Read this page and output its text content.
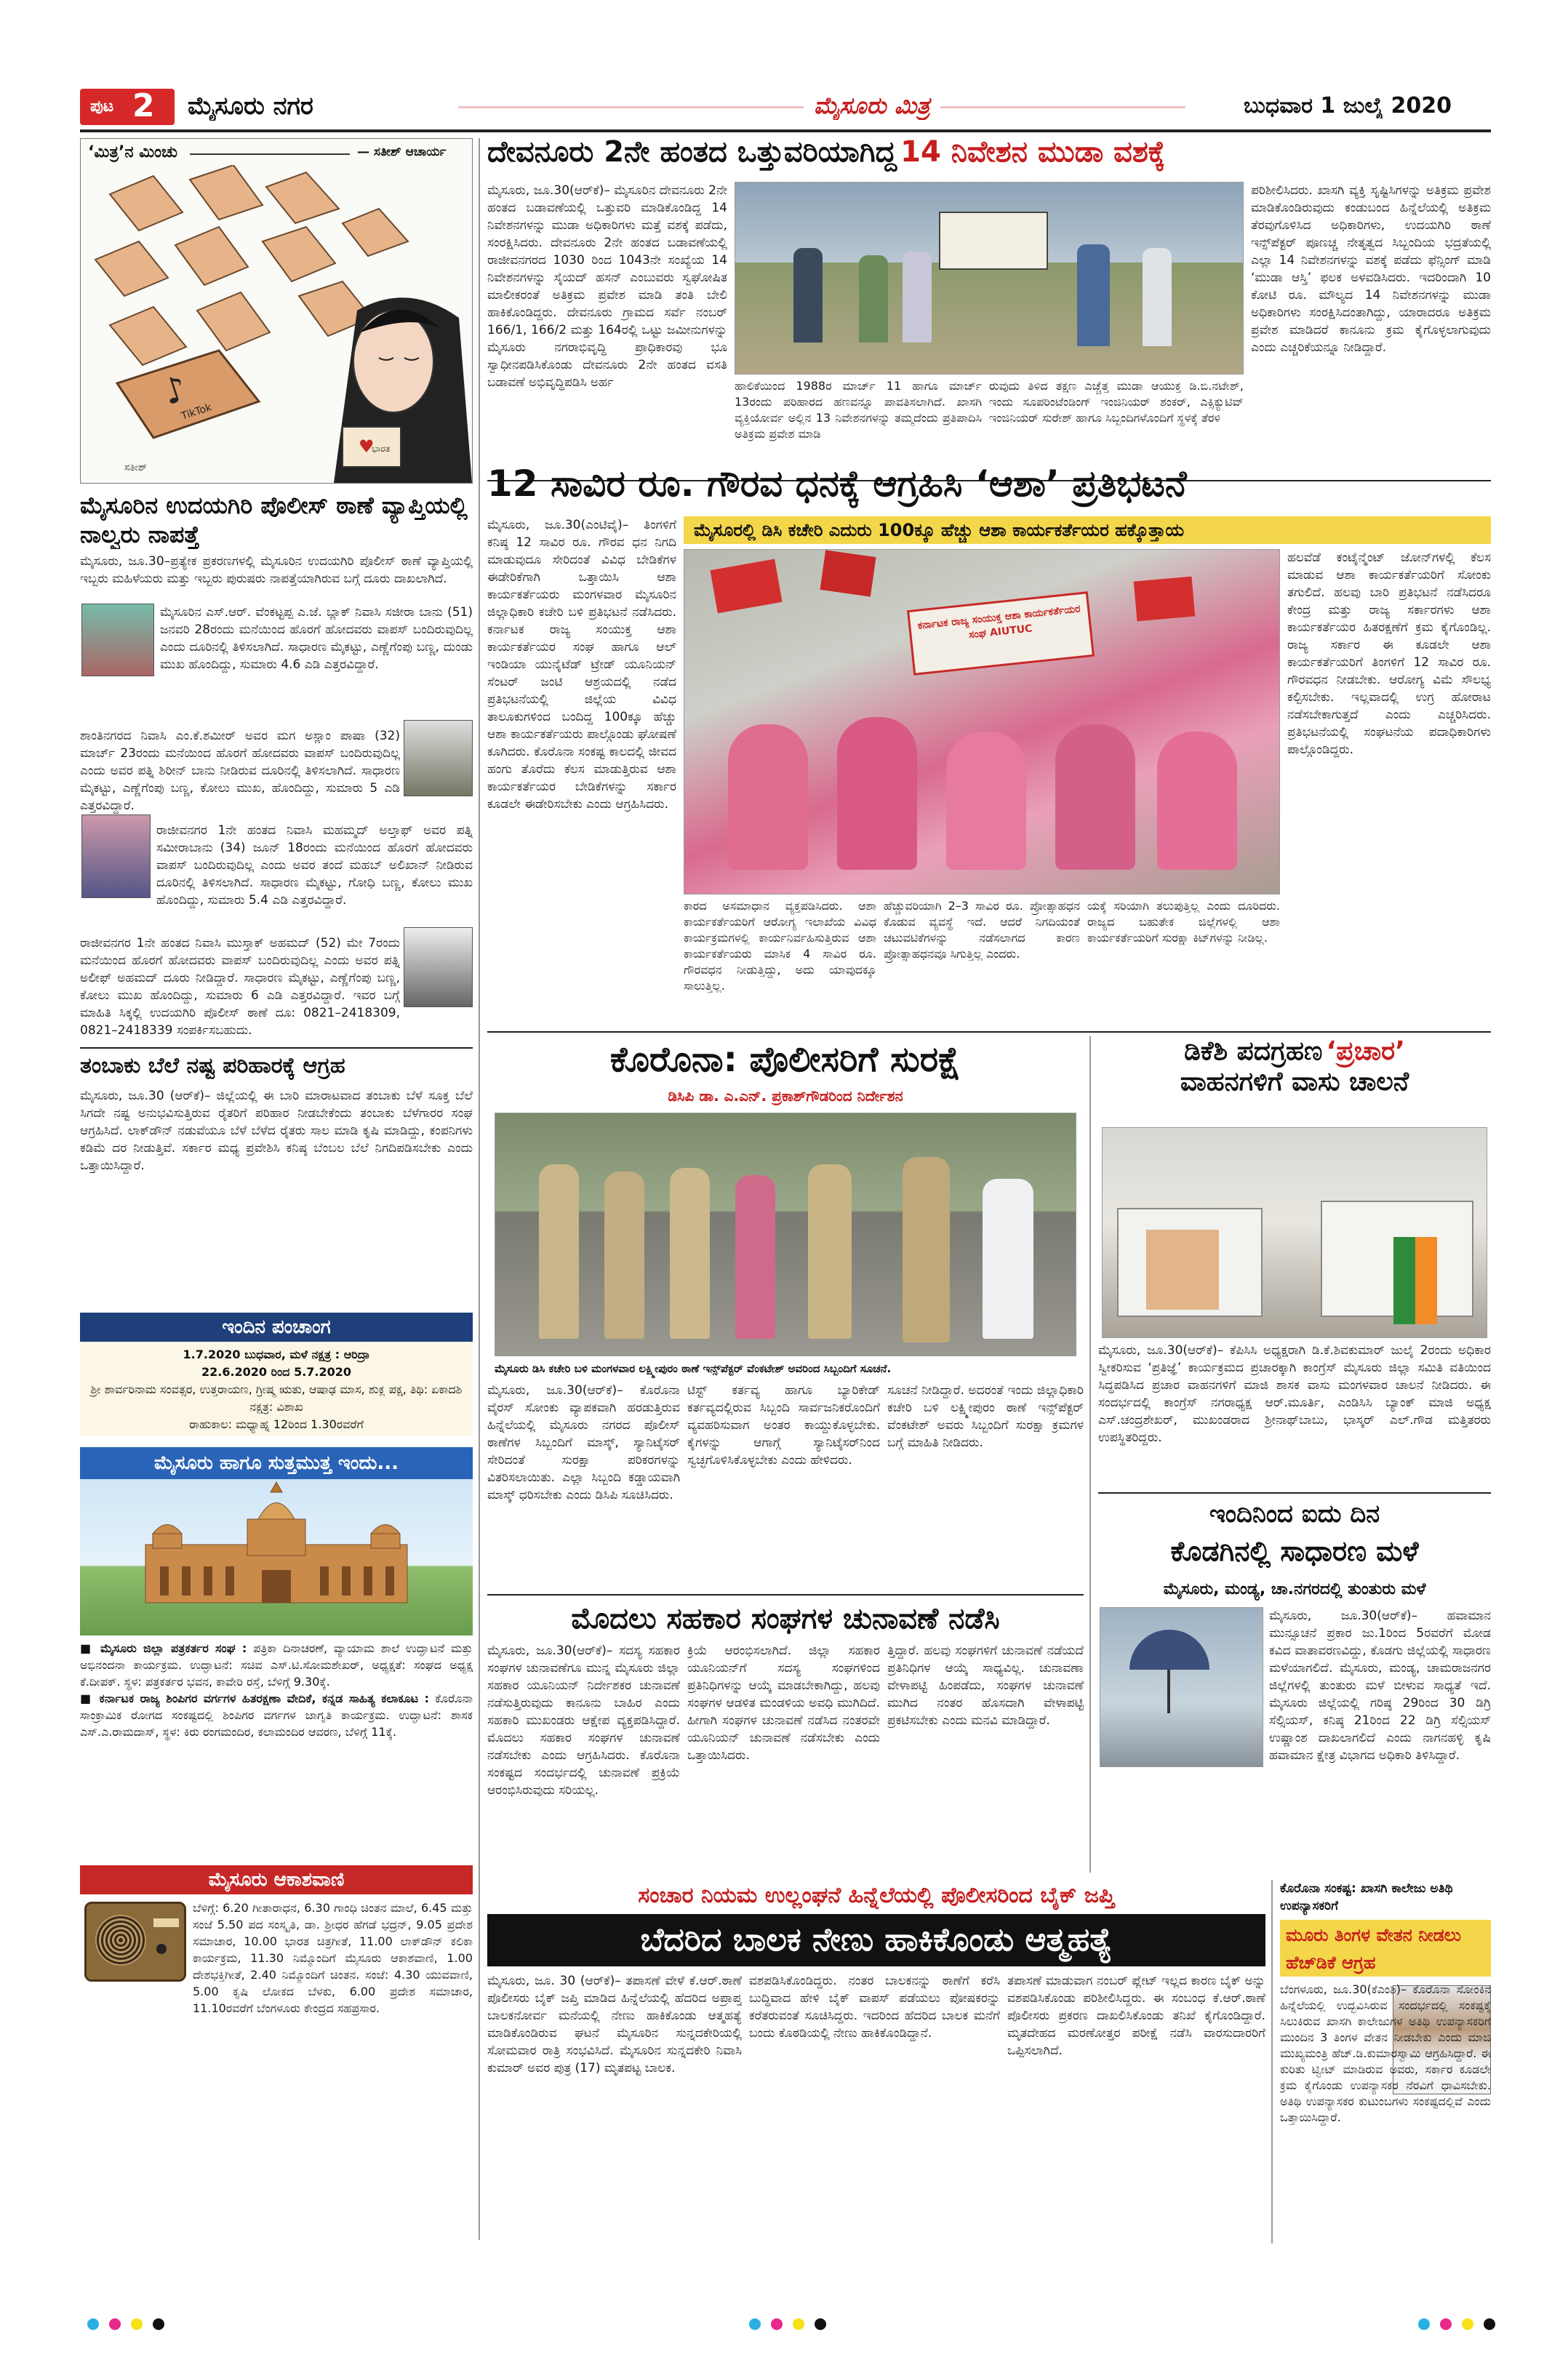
ಪುಟ 2 ಮೈಸೂರು ನಗರ	ಮೈಸೂರು ಮಿತ್ರ	ಬುಧವಾರ 1 ಜುಲೈ 2020
‘ಮಿತ್ರ’ನ ಮಿಂಚು	— ಸತೀಶ್ ಆಚಾರ್ಯ
♪
TikTok
♥
ಭಾರತ
ಸತೀಶ್
ಮೈಸೂರಿನ ಉದಯಗಿರಿ ಪೊಲೀಸ್ ಠಾಣೆ ವ್ಯಾಪ್ತಿಯಲ್ಲಿ ನಾಲ್ವರು ನಾಪತ್ತೆ
ಮೈಸೂರು, ಜೂ.30–ಪ್ರತ್ಯೇಕ ಪ್ರಕರಣಗಳಲ್ಲಿ ಮೈಸೂರಿನ ಉದಯಗಿರಿ ಪೊಲೀಸ್ ಠಾಣೆ ವ್ಯಾಪ್ತಿಯಲ್ಲಿ ಇಬ್ಬರು ಮಹಿಳೆಯರು ಮತ್ತು ಇಬ್ಬರು ಪುರುಷರು ನಾಪತ್ತೆಯಾಗಿರುವ ಬಗ್ಗೆ ದೂರು ದಾಖಲಾಗಿದೆ.
ಮೈಸೂರಿನ ಎಸ್.ಆರ್. ವೆಂಕಟ್ಟಪ್ಪ ಎ.ಜೆ. ಬ್ಲಾಕ್ ನಿವಾಸಿ ಸಜೀರಾ ಬಾನು (51) ಜನವರಿ 28ರಂದು ಮನೆಯಿಂದ ಹೊರಗೆ ಹೋದವರು ವಾಪಸ್ ಬಂದಿರುವುದಿಲ್ಲ ಎಂದು ದೂರಿನಲ್ಲಿ ತಿಳಿಸಲಾಗಿದೆ. ಸಾಧಾರಣ ಮೈಕಟ್ಟು, ಎಣ್ಣೆಗೆಂಪು ಬಣ್ಣ, ದುಂಡು ಮುಖ ಹೊಂದಿದ್ದು, ಸುಮಾರು 4.6 ಎಡಿ ಎತ್ತರವಿದ್ದಾರೆ.
ಶಾಂತಿನಗರದ ನಿವಾಸಿ ಎಂ.ಕೆ.ಶಮೀರ್ ಅವರ ಮಗ ಅಸ್ಲಾಂ ಪಾಷಾ (32) ಮಾರ್ಚ್ 23ರಂದು ಮನೆಯಿಂದ ಹೊರಗೆ ಹೋದವರು ವಾಪಸ್ ಬಂದಿರುವುದಿಲ್ಲ ಎಂದು ಅವರ ಪತ್ನಿ ಶಿರೀನ್ ಬಾನು ನೀಡಿರುವ ದೂರಿನಲ್ಲಿ ತಿಳಿಸಲಾಗಿದೆ. ಸಾಧಾರಣ ಮೈಕಟ್ಟು, ಎಣ್ಣೆಗೆಂಪು ಬಣ್ಣ, ಕೋಲು ಮುಖ, ಹೊಂದಿದ್ದು, ಸುಮಾರು 5 ಎಡಿ ಎತ್ತರವಿದ್ದಾರೆ.
ರಾಜೀವನಗರ 1ನೇ ಹಂತದ ನಿವಾಸಿ ಮಹಮ್ಮದ್ ಅಲ್ತಾಫ್ ಅವರ ಪತ್ನಿ ಸಮೀರಾಬಾನು (34) ಜೂನ್ 18ರಂದು ಮನೆಯಿಂದ ಹೊರಗೆ ಹೋದವರು ವಾಪಸ್ ಬಂದಿರುವುದಿಲ್ಲ ಎಂದು ಅವರ ತಂದೆ ಮಹಬ್ ಅಲಿಖಾನ್ ನೀಡಿರುವ ದೂರಿನಲ್ಲಿ ತಿಳಿಸಲಾಗಿದೆ. ಸಾಧಾರಣ ಮೈಕಟ್ಟು, ಗೋಧಿ ಬಣ್ಣ, ಕೋಲು ಮುಖ ಹೊಂದಿದ್ದು, ಸುಮಾರು 5.4 ಎಡಿ ಎತ್ತರವಿದ್ದಾರೆ.
ರಾಜೀವನಗರ 1ನೇ ಹಂತದ ನಿವಾಸಿ ಮುಸ್ತಾಕ್ ಅಹಮದ್ (52) ಮೇ 7ರಂದು ಮನೆಯಿಂದ ಹೊರಗೆ ಹೋದವರು ವಾಪಸ್ ಬಂದಿರುವುದಿಲ್ಲ ಎಂದು ಅವರ ಪತ್ನಿ ಅಲೀಫ್ ಅಹಮದ್ ದೂರು ನೀಡಿದ್ದಾರೆ. ಸಾಧಾರಣ ಮೈಕಟ್ಟು, ಎಣ್ಣೆಗೆಂಪು ಬಣ್ಣ, ಕೋಲು ಮುಖ ಹೊಂದಿದ್ದು, ಸುಮಾರು 6 ಎಡಿ ಎತ್ತರವಿದ್ದಾರೆ. ಇವರ ಬಗ್ಗೆ ಮಾಹಿತಿ ಸಿಕ್ಕಲ್ಲಿ ಉದಯಗಿರಿ ಪೊಲೀಸ್ ಠಾಣೆ ದೂ: 0821–2418309, 0821–2418339 ಸಂಪರ್ಕಿಸಬಹುದು.
ತಂಬಾಕು ಬೆಲೆ ನಷ್ಟ ಪರಿಹಾರಕ್ಕೆ ಆಗ್ರಹ
ಮೈಸೂರು, ಜೂ.30 (ಆರ್‌ಕೆ)– ಜಿಲ್ಲೆಯಲ್ಲಿ ಈ ಬಾರಿ ಮಾರಾಟವಾದ ತಂಬಾಕು ಬೆಳೆ ಸೂಕ್ತ ಬೆಲೆ ಸಿಗದೇ ನಷ್ಟ ಅನುಭವಿಸುತ್ತಿರುವ ರೈತರಿಗೆ ಪರಿಹಾರ ನೀಡಬೇಕೆಂದು ತಂಬಾಕು ಬೆಳೆಗಾರರ ಸಂಘ ಆಗ್ರಹಿಸಿದೆ. ಲಾಕ್‌ಡೌನ್ ನಡುವೆಯೂ ಬೆಳೆ ಬೆಳೆದ ರೈತರು ಸಾಲ ಮಾಡಿ ಕೃಷಿ ಮಾಡಿದ್ದು, ಕಂಪನಿಗಳು ಕಡಿಮೆ ದರ ನೀಡುತ್ತಿವೆ. ಸರ್ಕಾರ ಮಧ್ಯ ಪ್ರವೇಶಿಸಿ ಕನಿಷ್ಠ ಬೆಂಬಲ ಬೆಲೆ ನಿಗದಿಪಡಿಸಬೇಕು ಎಂದು ಒತ್ತಾಯಿಸಿದ್ದಾರೆ.
ಇಂದಿನ ಪಂಚಾಂಗ
1.7.2020 ಬುಧವಾರ, ಮಳೆ ನಕ್ಷತ್ರ : ಆರಿದ್ರಾ
22.6.2020 ರಿಂದ 5.7.2020
ಶ್ರೀ ಶಾರ್ವರಿನಾಮ ಸಂವತ್ಸರ, ಉತ್ತರಾಯಣ, ಗ್ರೀಷ್ಮ ಋತು, ಆಷಾಢ ಮಾಸ, ಶುಕ್ಲ ಪಕ್ಷ, ತಿಥಿ: ಏಕಾದಶಿ ನಕ್ಷತ್ರ: ವಿಶಾಖ
ರಾಹುಕಾಲ: ಮಧ್ಯಾಹ್ನ 12ರಿಂದ 1.30ರವರೆಗೆ
ಮೈಸೂರು ಹಾಗೂ ಸುತ್ತಮುತ್ತ ಇಂದು...
■ ಮೈಸೂರು ಜಿಲ್ಲಾ ಪತ್ರಕರ್ತರ ಸಂಘ : ಪತ್ರಿಕಾ ದಿನಾಚರಣೆ, ವ್ಯಾಯಾಮ ಶಾಲೆ ಉದ್ಘಾಟನೆ ಮತ್ತು ಅಭಿನಂದನಾ ಕಾರ್ಯಕ್ರಮ. ಉದ್ಘಾಟನೆ: ಸಚಿವ ಎಸ್.ಟಿ.ಸೋಮಶೇಖರ್, ಅಧ್ಯಕ್ಷತೆ: ಸಂಘದ ಅಧ್ಯಕ್ಷ ಕೆ.ದೀಪಕ್. ಸ್ಥಳ: ಪತ್ರಕರ್ತರ ಭವನ, ಕಾವೇರಿ ರಸ್ತೆ, ಬೆಳಿಗ್ಗೆ 9.30ಕ್ಕೆ.
■ ಕರ್ನಾಟಕ ರಾಜ್ಯ ಶಿಂಪಿಗರ ವರ್ಗಗಳ ಹಿತರಕ್ಷಣಾ ವೇದಿಕೆ, ಕನ್ನಡ ಸಾಹಿತ್ಯ ಕಲಾಕೂಟ : ಕೊರೊನಾ ಸಾಂಕ್ರಾಮಿಕ ರೋಗದ ಸಂಕಷ್ಟದಲ್ಲಿ ಶಿಂಪಿಗರ ವರ್ಗಗಳ ಜಾಗೃತಿ ಕಾರ್ಯಕ್ರಮ. ಉದ್ಘಾಟನೆ: ಶಾಸಕ ಎಸ್.ಎ.ರಾಮದಾಸ್, ಸ್ಥಳ: ಕಿರು ರಂಗಮಂದಿರ, ಕಲಾಮಂದಿರ ಆವರಣ, ಬೆಳಿಗ್ಗೆ 11ಕ್ಕೆ.
ಮೈಸೂರು ಆಕಾಶವಾಣಿ
ಬೆಳಿಗ್ಗೆ: 6.20 ಗೀತಾರಾಧನ, 6.30 ಗಾಂಧಿ ಚಿಂತನ ಮಾಲೆ, 6.45 ಮತ್ತು ಸಂಜೆ 5.50 ಪದ ಸಂಸ್ಕೃತಿ, ಡಾ. ಶ್ರೀಧರ ಹೆಗಡೆ ಭದ್ರನ್, 9.05 ಪ್ರದೇಶ ಸಮಾಚಾರ, 10.00 ಭಾರತ ಚಿತ್ರಗೀತೆ, 11.00 ಲಾಕ್‌ಡೌನ್ ಕಲಿಕಾ ಕಾರ್ಯಕ್ರಮ, 11.30 ನಿಮ್ಮೊಂದಿಗೆ ಮೈಸೂರು ಆಕಾಶವಾಣಿ, 1.00 ದೇಶಭಕ್ತಿಗೀತೆ, 2.40 ನಿಮ್ಮೊಂದಿಗೆ ಚಿಂತನ. ಸಂಜೆ: 4.30 ಯುವವಾಣಿ, 5.00 ಕೃಷಿ ಲೋಕದ ಬೆಳಕು, 6.00 ಪ್ರದೇಶ ಸಮಾಚಾರ, 11.10ರವರೆಗೆ ಬೆಂಗಳೂರು ಕೇಂದ್ರದ ಸಹಪ್ರಸಾರ.
ದೇವನೂರು 2ನೇ ಹಂತದ ಒತ್ತುವರಿಯಾಗಿದ್ದ 14 ನಿವೇಶನ ಮುಡಾ ವಶಕ್ಕೆ
ಮೈಸೂರು, ಜೂ.30(ಆರ್‌ಕೆ)– ಮೈಸೂರಿನ ದೇವನೂರು 2ನೇ ಹಂತದ ಬಡಾವಣೆಯಲ್ಲಿ ಒತ್ತುವರಿ ಮಾಡಿಕೊಂಡಿದ್ದ 14 ನಿವೇಶನಗಳನ್ನು ಮುಡಾ ಅಧಿಕಾರಿಗಳು ಮತ್ತೆ ವಶಕ್ಕೆ ಪಡೆದು, ಸಂರಕ್ಷಿಸಿದರು. ದೇವನೂರು 2ನೇ ಹಂತದ ಬಡಾವಣೆಯಲ್ಲಿ ರಾಜೀವನಗರದ 1030 ರಿಂದ 1043ನೇ ಸಂಖ್ಯೆಯ 14 ನಿವೇಶನಗಳನ್ನು ಸೈಯದ್ ಹಸನ್ ಎಂಬುವರು ಸ್ವಘೋಷಿತ ಮಾಲೀಕರಂತೆ ಅತಿಕ್ರಮ ಪ್ರವೇಶ ಮಾಡಿ ತಂತಿ ಬೇಲಿ ಹಾಕಿಕೊಂಡಿದ್ದರು. ದೇವನೂರು ಗ್ರಾಮದ ಸರ್ವೆ ನಂಬರ್ 166/1, 166/2 ಮತ್ತು 164ರಲ್ಲಿ ಒಟ್ಟು ಜಮೀನುಗಳನ್ನು ಮೈಸೂರು ನಗರಾಭಿವೃದ್ಧಿ ಪ್ರಾಧಿಕಾರವು ಭೂ ಸ್ವಾಧೀನಪಡಿಸಿಕೊಂಡು ದೇವನೂರು 2ನೇ ಹಂತದ ವಸತಿ ಬಡಾವಣೆ ಅಭಿವೃದ್ಧಿಪಡಿಸಿ ಅರ್ಹ	ಹಾಲಿಕೆಯಿಂದ 1988ರ ಮಾರ್ಚ್ 11 ಹಾಗೂ ಮಾರ್ಚ್ 13ರಂದು ಪರಿಹಾರದ ಹಣವನ್ನೂ ಪಾವತಿಸಲಾಗಿದೆ. ಖಾಸಗಿ ವ್ಯಕ್ತಿಯೋರ್ವ ಅಲ್ಲಿನ 13 ನಿವೇಶನಗಳನ್ನು ತಮ್ಮದೆಂದು ಪ್ರತಿಪಾದಿಸಿ ಅತಿಕ್ರಮ ಪ್ರವೇಶ ಮಾಡಿ
ರುವುದು ತಿಳಿದ ತಕ್ಷಣ ಎಚ್ಚೆತ್ತ ಮುಡಾ ಆಯುಕ್ತ ಡಿ.ಬಿ.ನಟೇಶ್, ಇಂದು ಸೂಪರಿಂಟೆಂಡಿಂಗ್ ಇಂಜಿನಿಯರ್ ಶಂಕರ್, ಎಕ್ಸಿಕ್ಯುಟಿವ್ ಇಂಜಿನಿಯರ್ ಸುರೇಶ್ ಹಾಗೂ ಸಿಬ್ಬಂದಿಗಳೊಂದಿಗೆ ಸ್ಥಳಕ್ಕೆ ತೆರಳಿ
ಪರಿಶೀಲಿಸಿದರು. ಖಾಸಗಿ ವ್ಯಕ್ತಿ ಸೃಷ್ಟಿಸಿಗಳನ್ನು ಅತಿಕ್ರಮ ಪ್ರವೇಶ ಮಾಡಿಕೊಂಡಿರುವುದು ಕಂಡುಬಂದ ಹಿನ್ನೆಲೆಯಲ್ಲಿ ಅತಿಕ್ರಮ ತೆರವುಗೊಳಿಸಿದ ಅಧಿಕಾರಿಗಳು, ಉದಯಗಿರಿ ಠಾಣೆ ಇನ್ಸ್‌ಪೆಕ್ಟರ್ ಪೂಣಚ್ಚ ನೇತೃತ್ವದ ಸಿಬ್ಬಂದಿಯ ಭದ್ರತೆಯಲ್ಲಿ ಎಲ್ಲಾ 14 ನಿವೇಶನಗಳನ್ನು ವಶಕ್ಕೆ ಪಡೆದು ಫೆನ್ಸಿಂಗ್ ಮಾಡಿ ‘ಮುಡಾ ಆಸ್ತಿ’ ಫಲಕ ಅಳವಡಿಸಿದರು. ಇದರಿಂದಾಗಿ 10 ಕೋಟಿ ರೂ. ಮೌಲ್ಯದ 14 ನಿವೇಶನಗಳನ್ನು ಮುಡಾ ಅಧಿಕಾರಿಗಳು ಸಂರಕ್ಷಿಸಿದಂತಾಗಿದ್ದು, ಯಾರಾದರೂ ಅತಿಕ್ರಮ ಪ್ರವೇಶ ಮಾಡಿದರೆ ಕಾನೂನು ಕ್ರಮ ಕೈಗೊಳ್ಳಲಾಗುವುದು ಎಂದು ಎಚ್ಚರಿಕೆಯನ್ನೂ ನೀಡಿದ್ದಾರೆ.
12 ಸಾವಿರ ರೂ. ಗೌರವ ಧನಕ್ಕೆ ಆಗ್ರಹಿಸಿ ‘ಆಶಾ’ ಪ್ರತಿಭಟನೆ
ಮೈಸೂರಲ್ಲಿ ಡಿಸಿ ಕಚೇರಿ ಎದುರು 100ಕ್ಕೂ ಹೆಚ್ಚು ಆಶಾ ಕಾರ್ಯಕರ್ತೆಯರ ಹಕ್ಕೊತ್ತಾಯ
ಮೈಸೂರು, ಜೂ.30(ಎಂಟಿವೈ)– ತಿಂಗಳಿಗೆ ಕನಿಷ್ಠ 12 ಸಾವಿರ ರೂ. ಗೌರವ ಧನ ನಿಗದಿ ಮಾಡುವುದೂ ಸೇರಿದಂತೆ ವಿವಿಧ ಬೇಡಿಕೆಗಳ ಈಡೇರಿಕೆಗಾಗಿ ಒತ್ತಾಯಿಸಿ ಆಶಾ ಕಾರ್ಯಕರ್ತೆಯರು ಮಂಗಳವಾರ ಮೈಸೂರಿನ ಜಿಲ್ಲಾಧಿಕಾರಿ ಕಚೇರಿ ಬಳಿ ಪ್ರತಿಭಟನೆ ನಡೆಸಿದರು. ಕರ್ನಾಟಕ ರಾಜ್ಯ ಸಂಯುಕ್ತ ಆಶಾ ಕಾರ್ಯಕರ್ತೆಯರ ಸಂಘ ಹಾಗೂ ಆಲ್ ಇಂಡಿಯಾ ಯುನೈಟೆಡ್ ಟ್ರೇಡ್ ಯೂನಿಯನ್ ಸೆಂಟರ್ ಜಂಟಿ ಆಶ್ರಯದಲ್ಲಿ ನಡೆದ ಪ್ರತಿಭಟನೆಯಲ್ಲಿ ಜಿಲ್ಲೆಯ ವಿವಿಧ ತಾಲೂಕುಗಳಿಂದ ಬಂದಿದ್ದ 100ಕ್ಕೂ ಹೆಚ್ಚು ಆಶಾ ಕಾರ್ಯಕರ್ತೆಯರು ಪಾಲ್ಗೊಂಡು ಘೋಷಣೆ ಕೂಗಿದರು. ಕೊರೊನಾ ಸಂಕಷ್ಟ ಕಾಲದಲ್ಲಿ ಜೀವದ ಹಂಗು ತೊರೆದು ಕೆಲಸ ಮಾಡುತ್ತಿರುವ ಆಶಾ ಕಾರ್ಯಕರ್ತೆಯರ ಬೇಡಿಕೆಗಳನ್ನು ಸರ್ಕಾರ ಕೂಡಲೇ ಈಡೇರಿಸಬೇಕು ಎಂದು ಆಗ್ರಹಿಸಿದರು.
ಕರ್ನಾಟಕ ರಾಜ್ಯ ಸಂಯುಕ್ತ ಆಶಾ ಕಾರ್ಯಕರ್ತೆಯರ ಸಂಘ AIUTUC
ಕಾರದ ಅಸಮಾಧಾನ ವ್ಯಕ್ತಪಡಿಸಿದರು. ಆಶಾ ಕಾರ್ಯಕರ್ತೆಯರಿಗೆ ಆರೋಗ್ಯ ಇಲಾಖೆಯ ವಿವಿಧ ಕಾರ್ಯಕ್ರಮಗಳಲ್ಲಿ ಕಾರ್ಯನಿರ್ವಹಿಸುತ್ತಿರುವ ಆಶಾ ಕಾರ್ಯಕರ್ತೆಯರು ಮಾಸಿಕ 4 ಸಾವಿರ ರೂ. ಗೌರವಧನ ನೀಡುತ್ತಿದ್ದು, ಅದು ಯಾವುದಕ್ಕೂ ಸಾಲುತ್ತಿಲ್ಲ.
ಹೆಚ್ಚುವರಿಯಾಗಿ 2–3 ಸಾವಿರ ರೂ. ಪ್ರೋತ್ಸಾಹಧನ ಕೊಡುವ ವ್ಯವಸ್ಥೆ ಇದೆ. ಆದರೆ ನಿಗದಿಯಂತೆ ಚಟುವಟಿಕೆಗಳನ್ನು ನಡೆಸಲಾಗದ ಕಾರಣ ಪ್ರೋತ್ಸಾಹಧನವೂ ಸಿಗುತ್ತಿಲ್ಲ ಎಂದರು.
ಯಕ್ಕೆ ಸರಿಯಾಗಿ ತಲುಪುತ್ತಿಲ್ಲ ಎಂದು ದೂರಿದರು. ರಾಜ್ಯದ ಬಹುತೇಕ ಜಿಲ್ಲೆಗಳಲ್ಲಿ ಆಶಾ ಕಾರ್ಯಕರ್ತೆಯರಿಗೆ ಸುರಕ್ಷಾ ಕಿಟ್‌ಗಳನ್ನು ನೀಡಿಲ್ಲ.
ಹಲವೆಡೆ ಕಂಟೈನ್ಮೆಂಟ್ ಜೋನ್‌ಗಳಲ್ಲಿ ಕೆಲಸ ಮಾಡುವ ಆಶಾ ಕಾರ್ಯಕರ್ತೆಯರಿಗೆ ಸೋಂಕು ತಗುಲಿದೆ. ಹಲವು ಬಾರಿ ಪ್ರತಿಭಟನೆ ನಡೆಸಿದರೂ ಕೇಂದ್ರ ಮತ್ತು ರಾಜ್ಯ ಸರ್ಕಾರಗಳು ಆಶಾ ಕಾರ್ಯಕರ್ತೆಯರ ಹಿತರಕ್ಷಣೆಗೆ ಕ್ರಮ ಕೈಗೊಂಡಿಲ್ಲ. ರಾಜ್ಯ ಸರ್ಕಾರ ಈ ಕೂಡಲೇ ಆಶಾ ಕಾರ್ಯಕರ್ತೆಯರಿಗೆ ತಿಂಗಳಿಗೆ 12 ಸಾವಿರ ರೂ. ಗೌರವಧನ ನೀಡಬೇಕು. ಆರೋಗ್ಯ ವಿಮೆ ಸೌಲಭ್ಯ ಕಲ್ಪಿಸಬೇಕು. ಇಲ್ಲವಾದಲ್ಲಿ ಉಗ್ರ ಹೋರಾಟ ನಡೆಸಬೇಕಾಗುತ್ತದೆ ಎಂದು ಎಚ್ಚರಿಸಿದರು. ಪ್ರತಿಭಟನೆಯಲ್ಲಿ ಸಂಘಟನೆಯ ಪದಾಧಿಕಾರಿಗಳು ಪಾಲ್ಗೊಂಡಿದ್ದರು.
ಕೊರೊನಾ: ಪೊಲೀಸರಿಗೆ ಸುರಕ್ಷೆ
ಡಿಸಿಪಿ ಡಾ. ಎ.ಎನ್. ಪ್ರಕಾಶ್‌ಗೌಡರಿಂದ ನಿರ್ದೇಶನ
ಮೈಸೂರು ಡಿಸಿ ಕಚೇರಿ ಬಳಿ ಮಂಗಳವಾರ ಲಕ್ಷ್ಮೀಪುರಂ ಠಾಣೆ ಇನ್ಸ್‌ಪೆಕ್ಟರ್ ವೆಂಕಟೇಶ್ ಅವರಿಂದ ಸಿಬ್ಬಂದಿಗೆ ಸೂಚನೆ.
ಮೈಸೂರು, ಜೂ.30(ಆರ್‌ಕೆ)– ಕೊರೊನಾ ವೈರಸ್ ಸೋಂಕು ವ್ಯಾಪಕವಾಗಿ ಹರಡುತ್ತಿರುವ ಹಿನ್ನೆಲೆಯಲ್ಲಿ ಮೈಸೂರು ನಗರದ ಪೊಲೀಸ್ ಠಾಣೆಗಳ ಸಿಬ್ಬಂದಿಗೆ ಮಾಸ್ಕ್, ಸ್ಯಾನಿಟೈಸರ್ ಸೇರಿದಂತೆ ಸುರಕ್ಷಾ ಪರಿಕರಗಳನ್ನು ವಿತರಿಸಲಾಯಿತು. ಎಲ್ಲಾ ಸಿಬ್ಬಂದಿ ಕಡ್ಡಾಯವಾಗಿ ಮಾಸ್ಕ್ ಧರಿಸಬೇಕು ಎಂದು ಡಿಸಿಪಿ ಸೂಚಿಸಿದರು.
ಟಿಸ್ಟ್ ಕರ್ತವ್ಯ ಹಾಗೂ ಬ್ಯಾರಿಕೇಡ್ ಕರ್ತವ್ಯದಲ್ಲಿರುವ ಸಿಬ್ಬಂದಿ ಸಾರ್ವಜನಿಕರೊಂದಿಗೆ ವ್ಯವಹರಿಸುವಾಗ ಅಂತರ ಕಾಯ್ದುಕೊಳ್ಳಬೇಕು. ಕೈಗಳನ್ನು ಆಗಾಗ್ಗೆ ಸ್ಯಾನಿಟೈಸರ್‌ನಿಂದ ಸ್ವಚ್ಛಗೊಳಿಸಿಕೊಳ್ಳಬೇಕು ಎಂದು ಹೇಳಿದರು.
ಸೂಚನೆ ನೀಡಿದ್ದಾರೆ. ಅದರಂತೆ ಇಂದು ಜಿಲ್ಲಾಧಿಕಾರಿ ಕಚೇರಿ ಬಳಿ ಲಕ್ಷ್ಮೀಪುರಂ ಠಾಣೆ ಇನ್ಸ್‌ಪೆಕ್ಟರ್ ವೆಂಕಟೇಶ್ ಅವರು ಸಿಬ್ಬಂದಿಗೆ ಸುರಕ್ಷಾ ಕ್ರಮಗಳ ಬಗ್ಗೆ ಮಾಹಿತಿ ನೀಡಿದರು.
ಮೊದಲು ಸಹಕಾರ ಸಂಘಗಳ ಚುನಾವಣೆ ನಡೆಸಿ
ಮೈಸೂರು, ಜೂ.30(ಆರ್‌ಕೆ)– ಸದಸ್ಯ ಸಹಕಾರ ಸಂಘಗಳ ಚುನಾವಣೆಗೂ ಮುನ್ನ ಮೈಸೂರು ಜಿಲ್ಲಾ ಸಹಕಾರ ಯೂನಿಯನ್ ನಿರ್ದೇಶಕರ ಚುನಾವಣೆ ನಡೆಸುತ್ತಿರುವುದು ಕಾನೂನು ಬಾಹಿರ ಎಂದು ಸಹಕಾರಿ ಮುಖಂಡರು ಆಕ್ಷೇಪ ವ್ಯಕ್ತಪಡಿಸಿದ್ದಾರೆ. ಮೊದಲು ಸಹಕಾರ ಸಂಘಗಳ ಚುನಾವಣೆ ನಡೆಸಬೇಕು ಎಂದು ಆಗ್ರಹಿಸಿದರು. ಕೊರೊನಾ ಸಂಕಷ್ಟದ ಸಂದರ್ಭದಲ್ಲಿ ಚುನಾವಣೆ ಪ್ರಕ್ರಿಯೆ ಆರಂಭಿಸಿರುವುದು ಸರಿಯಲ್ಲ.
ಕ್ರಿಯೆ ಆರಂಭಿಸಲಾಗಿದೆ. ಜಿಲ್ಲಾ ಸಹಕಾರ ಯೂನಿಯನ್‌ಗೆ ಸದಸ್ಯ ಸಂಘಗಳಿಂದ ಪ್ರತಿನಿಧಿಗಳನ್ನು ಆಯ್ಕೆ ಮಾಡಬೇಕಾಗಿದ್ದು, ಹಲವು ಸಂಘಗಳ ಆಡಳಿತ ಮಂಡಳಿಯ ಅವಧಿ ಮುಗಿದಿದೆ. ಹೀಗಾಗಿ ಸಂಘಗಳ ಚುನಾವಣೆ ನಡೆಸಿದ ನಂತರವೇ ಯೂನಿಯನ್ ಚುನಾವಣೆ ನಡೆಸಬೇಕು ಎಂದು ಒತ್ತಾಯಿಸಿದರು.
ತ್ತಿದ್ದಾರೆ. ಹಲವು ಸಂಘಗಳಿಗೆ ಚುನಾವಣೆ ನಡೆಯದೆ ಪ್ರತಿನಿಧಿಗಳ ಆಯ್ಕೆ ಸಾಧ್ಯವಿಲ್ಲ. ಚುನಾವಣಾ ವೇಳಾಪಟ್ಟಿ ಹಿಂಪಡೆದು, ಸಂಘಗಳ ಚುನಾವಣೆ ಮುಗಿದ ನಂತರ ಹೊಸದಾಗಿ ವೇಳಾಪಟ್ಟಿ ಪ್ರಕಟಿಸಬೇಕು ಎಂದು ಮನವಿ ಮಾಡಿದ್ದಾರೆ.
ಡಿಕೆಶಿ ಪದಗ್ರಹಣ ‘ಪ್ರಚಾರ’
ವಾಹನಗಳಿಗೆ ವಾಸು ಚಾಲನೆ
ಮೈಸೂರು, ಜೂ.30(ಆರ್‌ಕೆ)– ಕೆಪಿಸಿಸಿ ಅಧ್ಯಕ್ಷರಾಗಿ ಡಿ.ಕೆ.ಶಿವಕುಮಾರ್ ಜುಲೈ 2ರಂದು ಅಧಿಕಾರ ಸ್ವೀಕರಿಸುವ ‘ಪ್ರತಿಜ್ಞೆ’ ಕಾರ್ಯಕ್ರಮದ ಪ್ರಚಾರಕ್ಕಾಗಿ ಕಾಂಗ್ರೆಸ್ ಮೈಸೂರು ಜಿಲ್ಲಾ ಸಮಿತಿ ವತಿಯಿಂದ ಸಿದ್ಧಪಡಿಸಿದ ಪ್ರಚಾರ ವಾಹನಗಳಿಗೆ ಮಾಜಿ ಶಾಸಕ ವಾಸು ಮಂಗಳವಾರ ಚಾಲನೆ ನೀಡಿದರು. ಈ ಸಂದರ್ಭದಲ್ಲಿ ಕಾಂಗ್ರೆಸ್ ನಗರಾಧ್ಯಕ್ಷ ಆರ್.ಮೂರ್ತಿ, ಎಂಡಿಸಿಸಿ ಬ್ಯಾಂಕ್ ಮಾಜಿ ಅಧ್ಯಕ್ಷ ಎಸ್.ಚಂದ್ರಶೇಖರ್, ಮುಖಂಡರಾದ ಶ್ರೀನಾಥ್‌ಬಾಬು, ಭಾಸ್ಕರ್ ಎಲ್.ಗೌಡ ಮತ್ತಿತರರು ಉಪಸ್ಥಿತರಿದ್ದರು.
ಇಂದಿನಿಂದ ಐದು ದಿನ
ಕೊಡಗಿನಲ್ಲಿ ಸಾಧಾರಣ ಮಳೆ
ಮೈಸೂರು, ಮಂಡ್ಯ, ಚಾ.ನಗರದಲ್ಲಿ ತುಂತುರು ಮಳೆ
ಮೈಸೂರು, ಜೂ.30(ಆರ್‌ಕೆ)– ಹವಾಮಾನ ಮುನ್ಸೂಚನೆ ಪ್ರಕಾರ ಜು.1ರಿಂದ 5ರವರೆಗೆ ಮೋಡ ಕವಿದ ವಾತಾವರಣವಿದ್ದು, ಕೊಡಗು ಜಿಲ್ಲೆಯಲ್ಲಿ ಸಾಧಾರಣ ಮಳೆಯಾಗಲಿದೆ. ಮೈಸೂರು, ಮಂಡ್ಯ, ಚಾಮರಾಜನಗರ ಜಿಲ್ಲೆಗಳಲ್ಲಿ ತುಂತುರು ಮಳೆ ಬೀಳುವ ಸಾಧ್ಯತೆ ಇದೆ. ಮೈಸೂರು ಜಿಲ್ಲೆಯಲ್ಲಿ ಗರಿಷ್ಠ 29ರಿಂದ 30 ಡಿಗ್ರಿ ಸೆಲ್ಸಿಯಸ್, ಕನಿಷ್ಠ 21ರಿಂದ 22 ಡಿಗ್ರಿ ಸೆಲ್ಸಿಯಸ್ ಉಷ್ಣಾಂಶ ದಾಖಲಾಗಲಿದೆ ಎಂದು ನಾಗನಹಳ್ಳಿ ಕೃಷಿ ಹವಾಮಾನ ಕ್ಷೇತ್ರ ವಿಭಾಗದ ಅಧಿಕಾರಿ ತಿಳಿಸಿದ್ದಾರೆ.
ಸಂಚಾರ ನಿಯಮ ಉಲ್ಲಂಘನೆ ಹಿನ್ನೆಲೆಯಲ್ಲಿ ಪೊಲೀಸರಿಂದ ಬೈಕ್ ಜಪ್ತಿ
ಬೆದರಿದ ಬಾಲಕ ನೇಣು ಹಾಕಿಕೊಂಡು ಆತ್ಮಹತ್ಯೆ
ಮೈಸೂರು, ಜೂ. 30 (ಆರ್‌ಕೆ)– ತಪಾಸಣೆ ವೇಳೆ ಕೆ.ಆರ್.ಠಾಣೆ ಪೊಲೀಸರು ಬೈಕ್ ಜಪ್ತಿ ಮಾಡಿದ ಹಿನ್ನೆಲೆಯಲ್ಲಿ ಹೆದರಿದ ಅಪ್ರಾಪ್ತ ಬಾಲಕನೋರ್ವ ಮನೆಯಲ್ಲಿ ನೇಣು ಹಾಕಿಕೊಂಡು ಆತ್ಮಹತ್ಯೆ ಮಾಡಿಕೊಂಡಿರುವ ಘಟನೆ ಮೈಸೂರಿನ ಸುನ್ನದಕೇರಿಯಲ್ಲಿ ಸೋಮವಾರ ರಾತ್ರಿ ಸಂಭವಿಸಿದೆ. ಮೈಸೂರಿನ ಸುನ್ನದಕೇರಿ ನಿವಾಸಿ ಕುಮಾರ್ ಅವರ ಪುತ್ರ (17) ಮೃತಪಟ್ಟ ಬಾಲಕ.
ವಶಪಡಿಸಿಕೊಂಡಿದ್ದರು. ನಂತರ ಬಾಲಕನನ್ನು ಠಾಣೆಗೆ ಕರೆಸಿ ಬುದ್ಧಿವಾದ ಹೇಳಿ ಬೈಕ್ ವಾಪಸ್ ಪಡೆಯಲು ಪೋಷಕರನ್ನು ಕರೆತರುವಂತೆ ಸೂಚಿಸಿದ್ದರು. ಇದರಿಂದ ಹೆದರಿದ ಬಾಲಕ ಮನೆಗೆ ಬಂದು ಕೊಠಡಿಯಲ್ಲಿ ನೇಣು ಹಾಕಿಕೊಂಡಿದ್ದಾನೆ.
ತಪಾಸಣೆ ಮಾಡುವಾಗ ನಂಬರ್ ಪ್ಲೇಟ್ ಇಲ್ಲದ ಕಾರಣ ಬೈಕ್ ಅನ್ನು ವಶಪಡಿಸಿಕೊಂಡು ಪರಿಶೀಲಿಸಿದ್ದರು. ಈ ಸಂಬಂಧ ಕೆ.ಆರ್.ಠಾಣೆ ಪೊಲೀಸರು ಪ್ರಕರಣ ದಾಖಲಿಸಿಕೊಂಡು ತನಿಖೆ ಕೈಗೊಂಡಿದ್ದಾರೆ. ಮೃತದೇಹದ ಮರಣೋತ್ತರ ಪರೀಕ್ಷೆ ನಡೆಸಿ ವಾರಸುದಾರರಿಗೆ ಒಪ್ಪಿಸಲಾಗಿದೆ.
ಕೊರೊನಾ ಸಂಕಷ್ಟ: ಖಾಸಗಿ ಕಾಲೇಜು ಅತಿಥಿ ಉಪನ್ಯಾಸಕರಿಗೆ
ಮೂರು ತಿಂಗಳ ವೇತನ ನೀಡಲು ಹೆಚ್‌ಡಿಕೆ ಆಗ್ರಹ
ಬೆಂಗಳೂರು, ಜೂ.30(ಕೆಎಂಶಿ)– ಕೊರೊನಾ ಸೋಂಕಿನ ಹಿನ್ನೆಲೆಯಲ್ಲಿ ಉದ್ಭವಿಸಿರುವ ಸಂದರ್ಭದಲ್ಲಿ ಸಂಕಷ್ಟಕ್ಕೆ ಸಿಲುಕಿರುವ ಖಾಸಗಿ ಕಾಲೇಜುಗಳ ಅತಿಥಿ ಉಪನ್ಯಾಸಕರಿಗೆ ಮುಂದಿನ 3 ತಿಂಗಳ ವೇತನ ನೀಡಬೇಕು ಎಂದು ಮಾಜಿ ಮುಖ್ಯಮಂತ್ರಿ ಹೆಚ್.ಡಿ.ಕುಮಾರಸ್ವಾಮಿ ಆಗ್ರಹಿಸಿದ್ದಾರೆ. ಈ ಕುರಿತು ಟ್ವೀಟ್ ಮಾಡಿರುವ ಅವರು, ಸರ್ಕಾರ ಕೂಡಲೇ ಕ್ರಮ ಕೈಗೊಂಡು ಉಪನ್ಯಾಸಕರ ನೆರವಿಗೆ ಧಾವಿಸಬೇಕು. ಅತಿಥಿ ಉಪನ್ಯಾಸಕರ ಕುಟುಂಬಗಳು ಸಂಕಷ್ಟದಲ್ಲಿವೆ ಎಂದು ಒತ್ತಾಯಿಸಿದ್ದಾರೆ.
